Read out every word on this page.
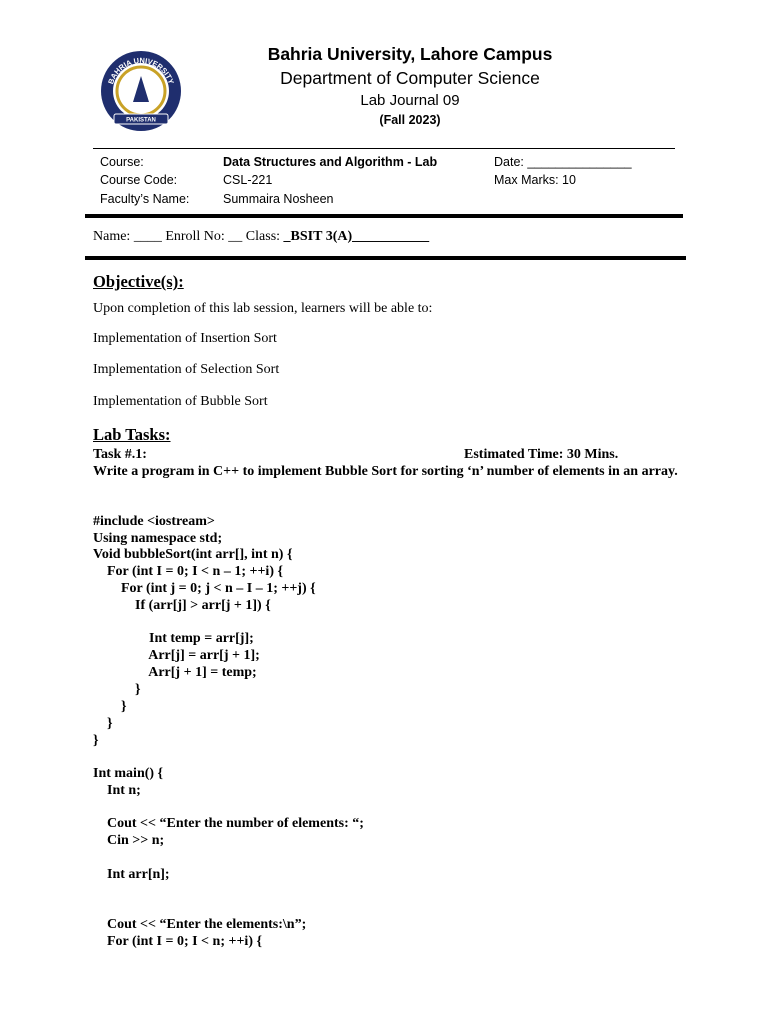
BAHRIA UNIVERSITY
PAKISTAN
Bahria University, Lahore Campus
Department of Computer Science
Lab Journal 09
(Fall 2023)
Course:	Data Structures and Algorithm - Lab	Date: _______________
Course Code:	CSL-221	Max Marks: 10
Faculty’s Name:	Summaira Nosheen
Name: ____ Enroll No: __ Class: _BSIT 3(A)___________
Objective(s):
Upon completion of this lab session, learners will be able to:
Implementation of Insertion Sort
Implementation of Selection Sort
Implementation of Bubble Sort
Lab Tasks:
Task #.1:	Estimated Time: 30 Mins.
Write a program in C++ to implement Bubble Sort for sorting ‘n’ number of elements in an array.
#include <iostream>
Using namespace std;
Void bubbleSort(int arr[], int n) {
For (int I = 0; I < n – 1; ++i) {
For (int j = 0; j < n – I – 1; ++j) {
If (arr[j] > arr[j + 1]) {
Int temp = arr[j];
Arr[j] = arr[j + 1];
Arr[j + 1] = temp;
}
}
}
}
Int main() {
Int n;
Cout << “Enter the number of elements: “;
Cin >> n;
Int arr[n];
Cout << “Enter the elements:\n”;
For (int I = 0; I < n; ++i) {
